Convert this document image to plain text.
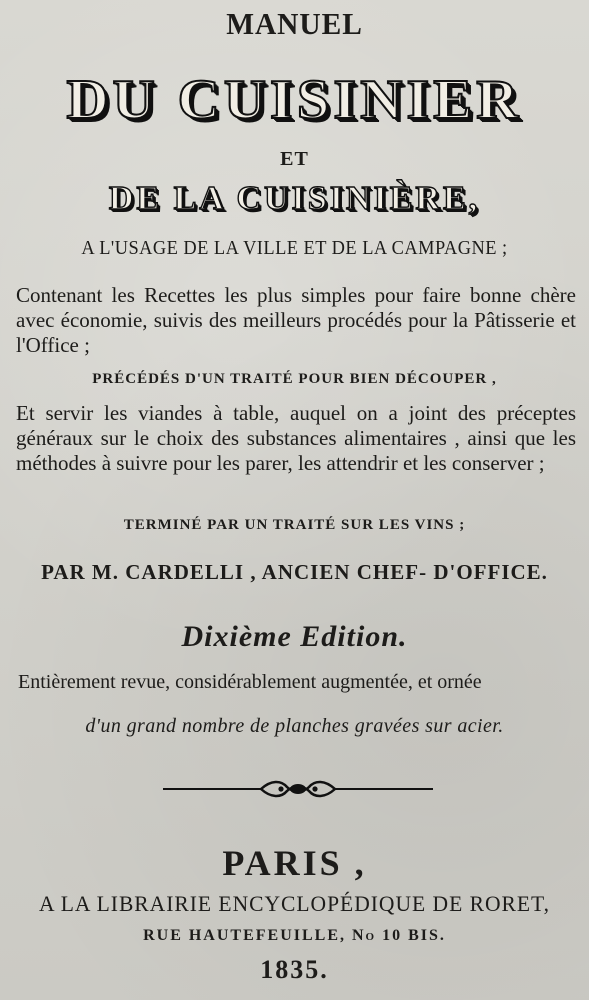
MANUEL
DU CUISINIER
ET
DE LA CUISINIÈRE,
A L'USAGE DE LA VILLE ET DE LA CAMPAGNE ;
Contenant les Recettes les plus simples pour faire bonne chère avec économie, suivis des meilleurs procédés pour la Pâtisserie et l'Office ;
PRÉCÉDÉS D'UN TRAITÉ POUR BIEN DÉCOUPER ,
Et servir les viandes à table, auquel on a joint des préceptes généraux sur le choix des substances alimentaires , ainsi que les méthodes à suivre pour les parer, les attendrir et les conserver ;
TERMINÉ PAR UN TRAITÉ SUR LES VINS ;
PAR M. CARDELLI , ANCIEN CHEF- D'OFFICE.
Dixième Edition.
Entièrement revue, considérablement augmentée, et ornée
d'un grand nombre de planches gravées sur acier.
PARIS ,
A LA LIBRAIRIE ENCYCLOPÉDIQUE DE RORET,
RUE HAUTEFEUILLE, No 10 BIS.
1835.
